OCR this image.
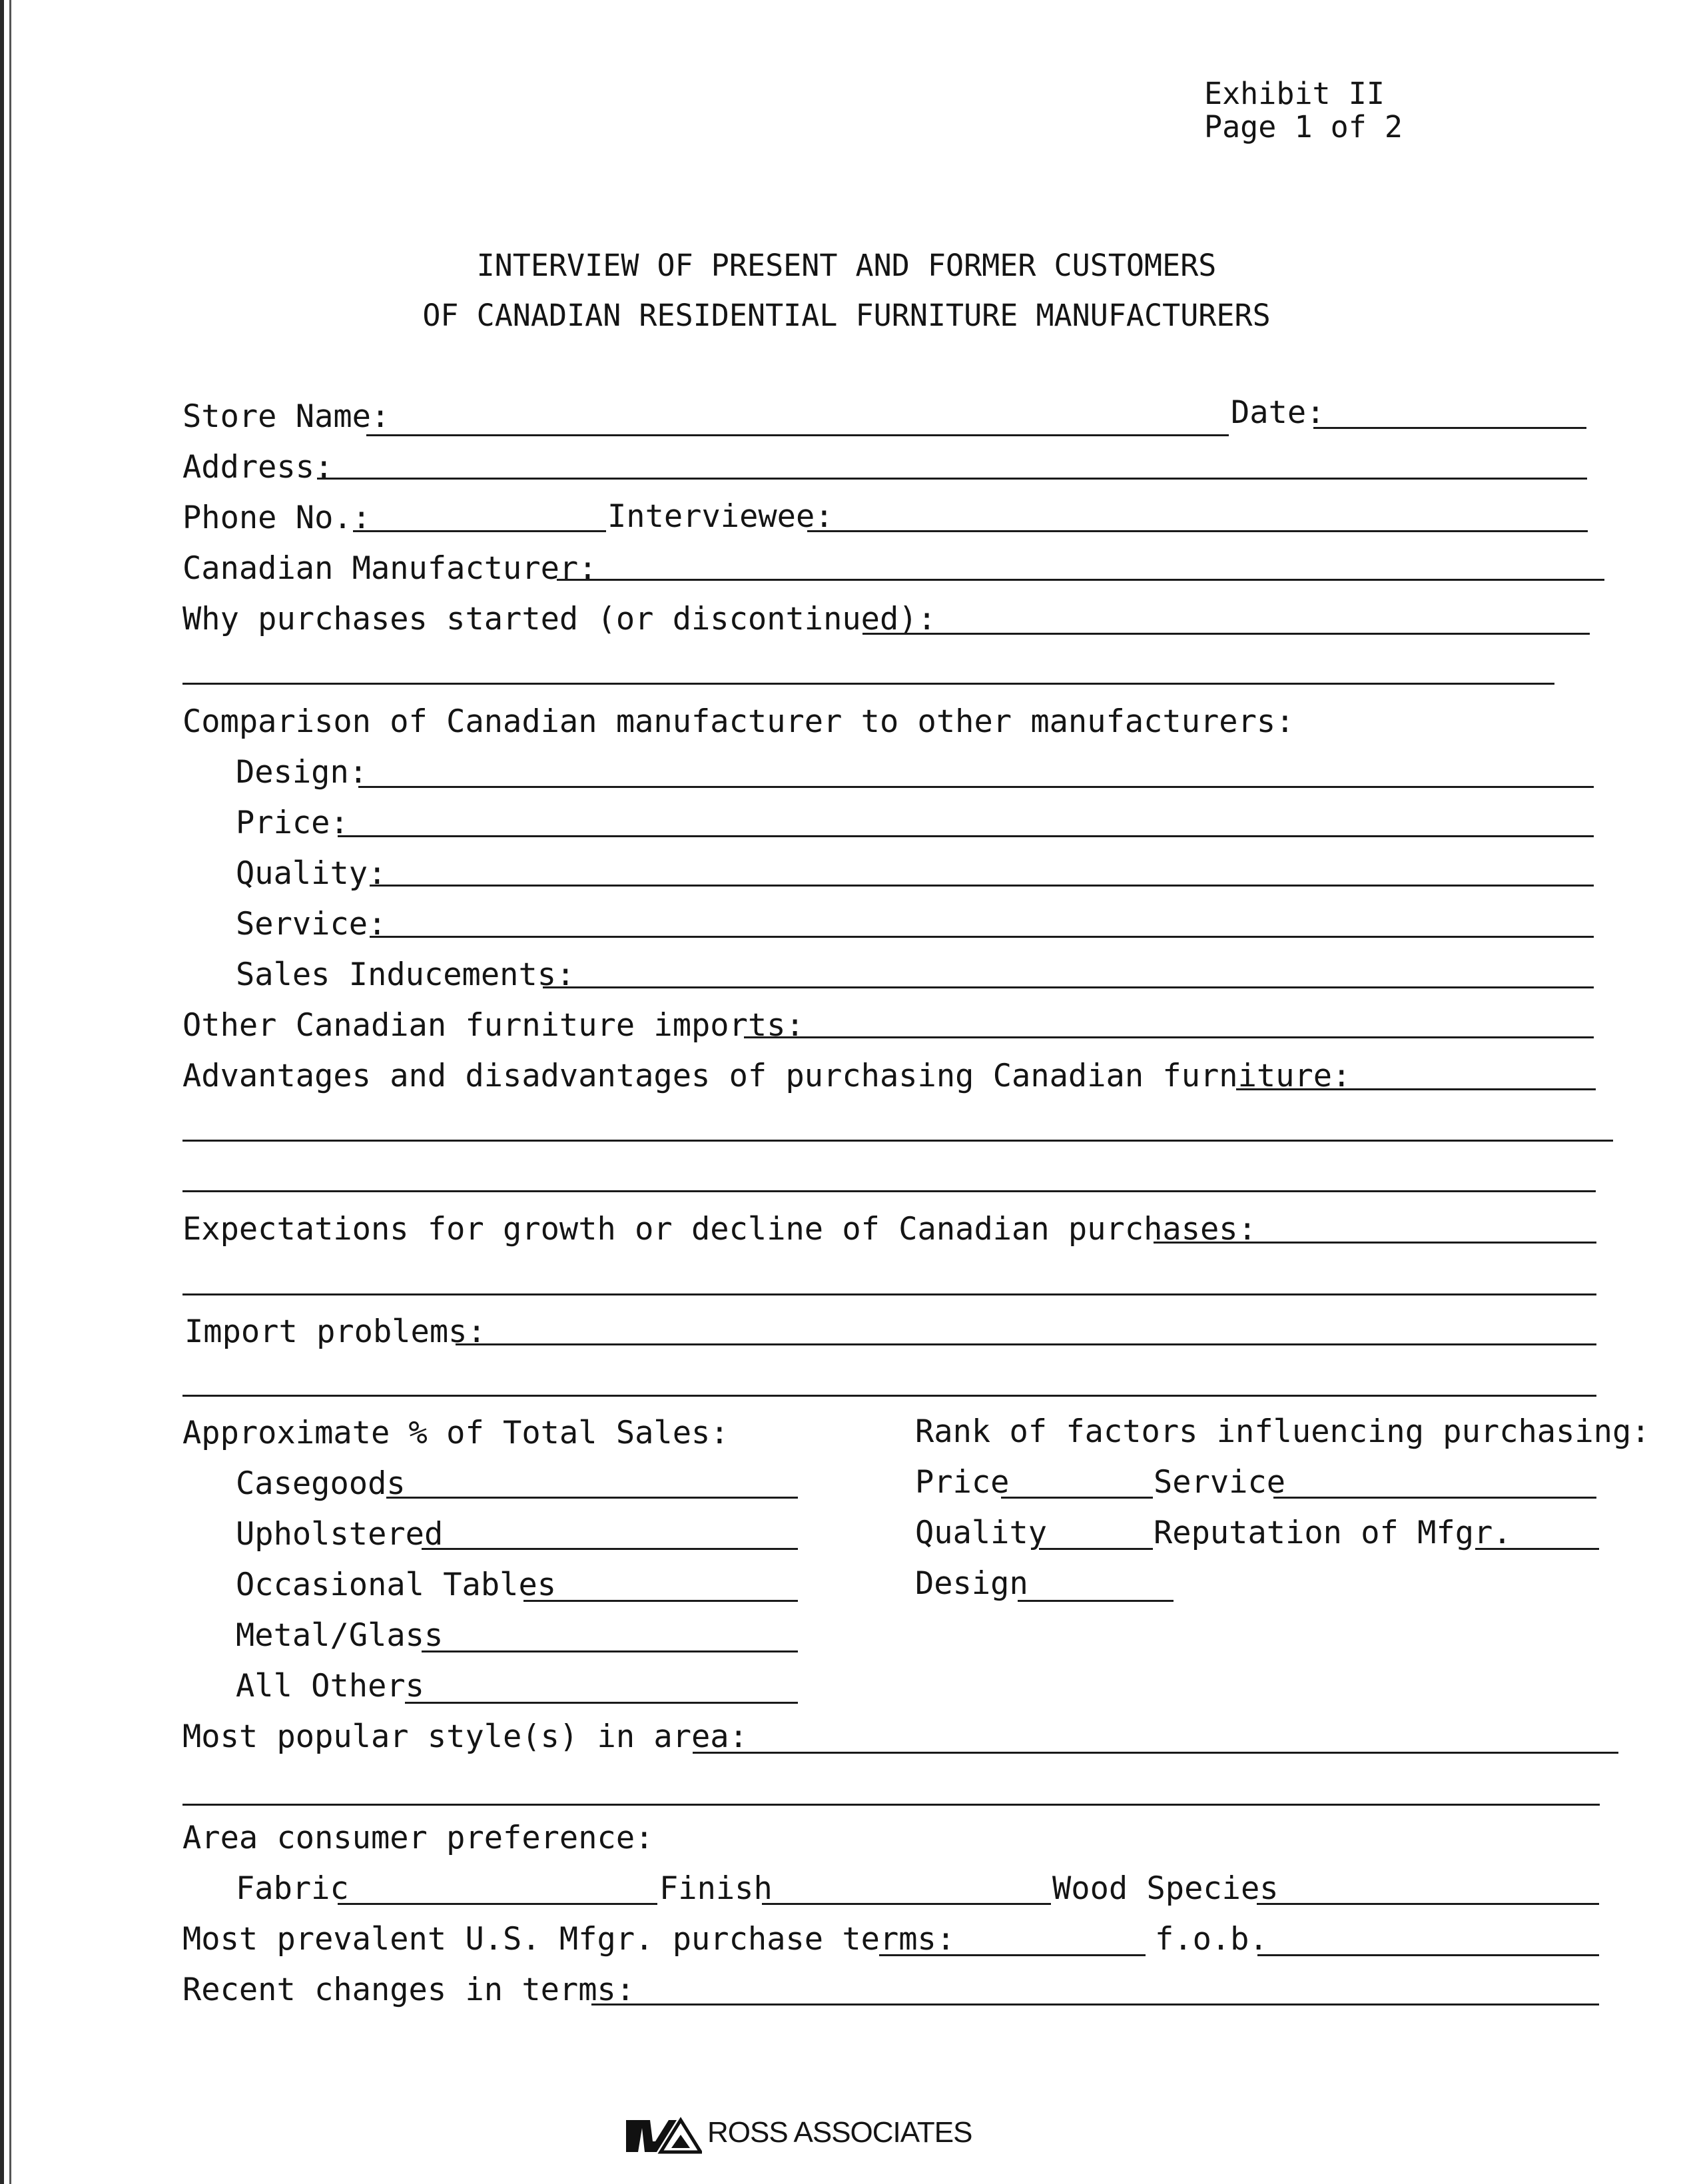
Exhibit II
Page 1 of 2
INTERVIEW OF PRESENT AND FORMER CUSTOMERS
OF CANADIAN RESIDENTIAL FURNITURE MANUFACTURERS
Store Name:	Date:
Address:
Phone No.:	Interviewee:
Canadian Manufacturer:
Why purchases started (or discontinued):
Comparison of Canadian manufacturer to other manufacturers:
Design:
Price:
Quality:
Service:
Sales Inducements:
Other Canadian furniture imports:
Advantages and disadvantages of purchasing Canadian furniture:
Expectations for growth or decline of Canadian purchases:
Import problems:
Approximate % of Total Sales:	Rank of factors influencing purchasing:
Casegoods	Price	Service
Upholstered	Quality	Reputation of Mfgr.
Occasional Tables	Design
Metal/Glass
All Others
Most popular style(s) in area:
Area consumer preference:
Fabric	Finish	Wood Species
Most prevalent U.S. Mfgr. purchase terms:	f.o.b.
Recent changes in terms:
ROSS ASSOCIATES
